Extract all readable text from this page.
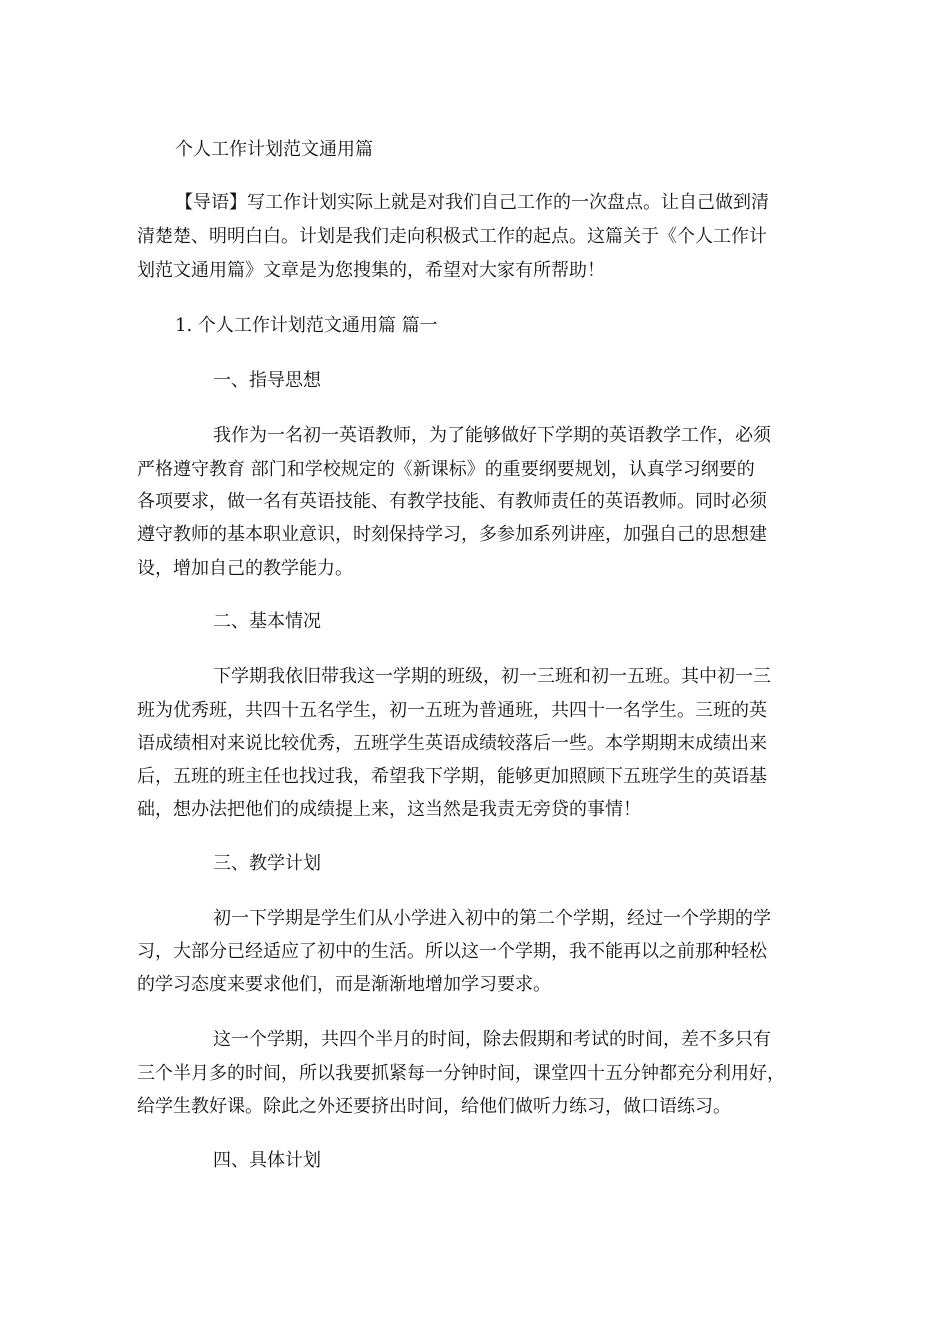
个人工作计划范文通用篇
【导语】写工作计划实际上就是对我们自己工作的一次盘点。让自己做到清
清楚楚、明明白白。计划是我们走向积极式工作的起点。这篇关于《个人工作计
划范文通用篇》文章是为您搜集的，希望对大家有所帮助！
1. 个人工作计划范文通用篇 篇一
一、指导思想
我作为一名初一英语教师，为了能够做好下学期的英语教学工作，必须
严格遵守教育 部门和学校规定的《新课标》的重要纲要规划，认真学习纲要的
各项要求，做一名有英语技能、有教学技能、有教师责任的英语教师。同时必须
遵守教师的基本职业意识，时刻保持学习，多参加系列讲座，加强自己的思想建
设，增加自己的教学能力。
二、基本情况
下学期我依旧带我这一学期的班级，初一三班和初一五班。其中初一三
班为优秀班，共四十五名学生，初一五班为普通班，共四十一名学生。三班的英
语成绩相对来说比较优秀，五班学生英语成绩较落后一些。本学期期末成绩出来
后，五班的班主任也找过我，希望我下学期，能够更加照顾下五班学生的英语基
础，想办法把他们的成绩提上来，这当然是我责无旁贷的事情！
三、教学计划
初一下学期是学生们从小学进入初中的第二个学期，经过一个学期的学
习，大部分已经适应了初中的生活。所以这一个学期，我不能再以之前那种轻松
的学习态度来要求他们，而是渐渐地增加学习要求。
这一个学期，共四个半月的时间，除去假期和考试的时间，差不多只有
三个半月多的时间，所以我要抓紧每一分钟时间，课堂四十五分钟都充分利用好，
给学生教好课。除此之外还要挤出时间，给他们做听力练习，做口语练习。
四、具体计划
